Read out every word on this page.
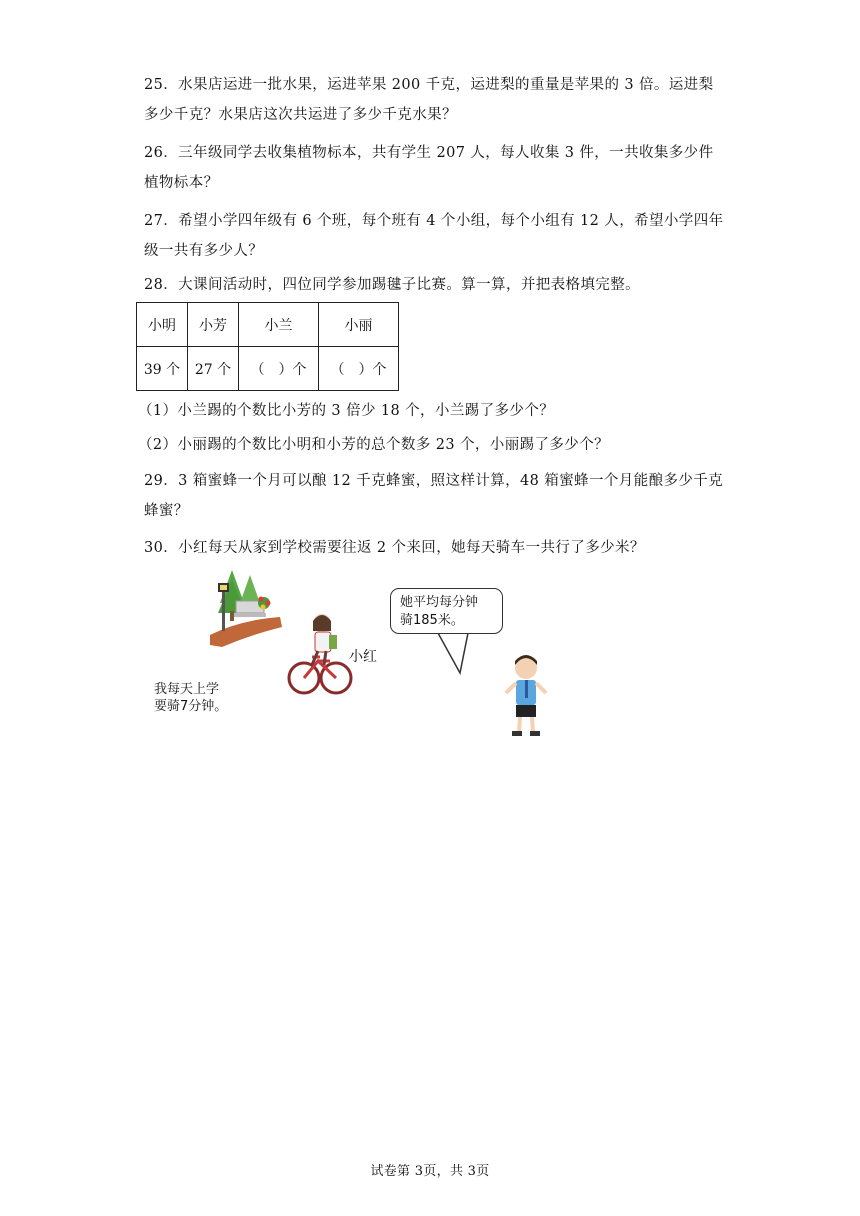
25．水果店运进一批水果，运进苹果 200 千克，运进梨的重量是苹果的 3 倍。运进梨多少千克？水果店这次共运进了多少千克水果？
26．三年级同学去收集植物标本，共有学生 207 人，每人收集 3 件，一共收集多少件植物标本？
27．希望小学四年级有 6 个班，每个班有 4 个小组，每个小组有 12 人，希望小学四年级一共有多少人？
28．大课间活动时，四位同学参加踢毽子比赛。算一算，并把表格填完整。
小明	小芳	小兰	小丽
39 个	27 个	（　）个	（　）个
（1）小兰踢的个数比小芳的 3 倍少 18 个，小兰踢了多少个？
（2）小丽踢的个数比小明和小芳的总个数多 23 个，小丽踢了多少个？
29．3 箱蜜蜂一个月可以酿 12 千克蜂蜜，照这样计算，48 箱蜜蜂一个月能酿多少千克蜂蜜？
30．小红每天从家到学校需要往返 2 个来回，她每天骑车一共行了多少米？
她平均每分钟
骑185米。
小红
我每天上学
要骑7分钟。
试卷第 3页，共 3页
